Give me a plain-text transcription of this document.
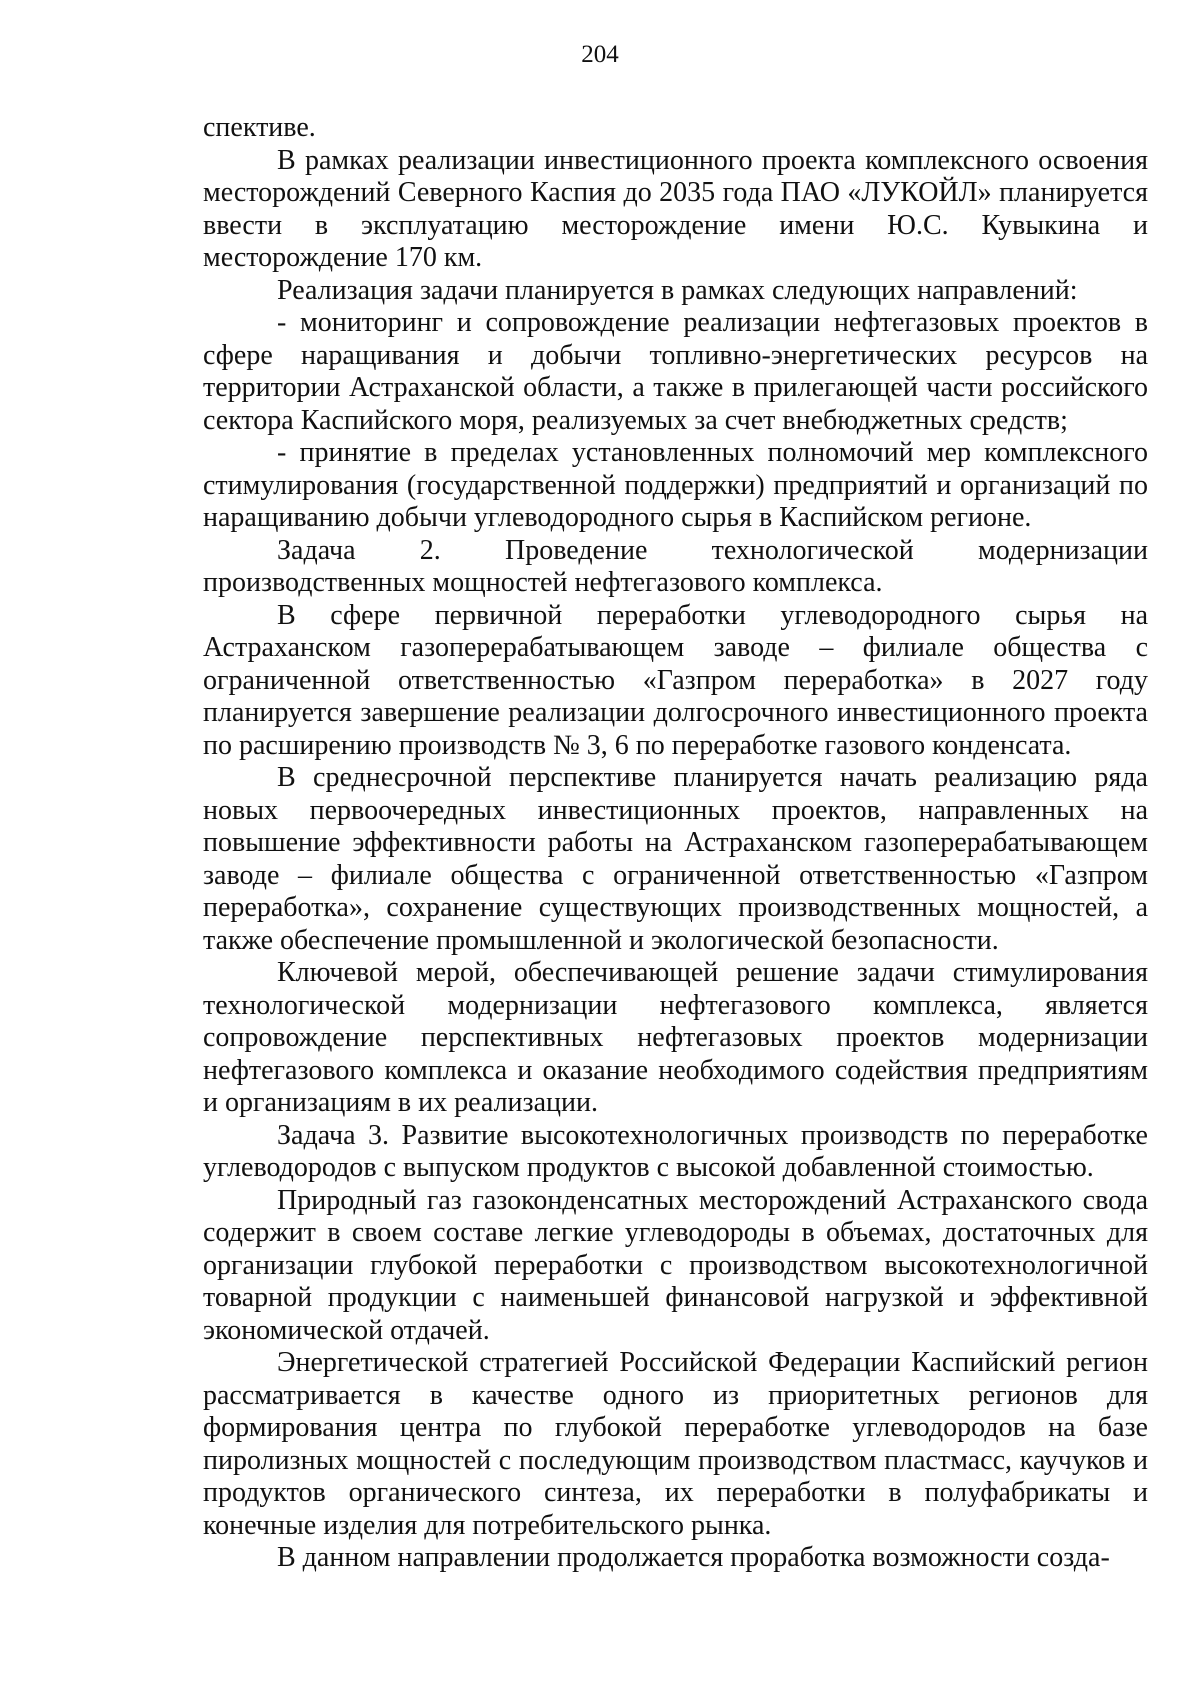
204

спективе.

В рамках реализации инвестиционного проекта комплексного освоения месторождений Северного Каспия до 2035 года ПАО «ЛУКОЙЛ» планируется ввести в эксплуатацию месторождение имени Ю.С. Кувыкина и месторождение 170 км.

Реализация задачи планируется в рамках следующих направлений:

- мониторинг и сопровождение реализации нефтегазовых проектов в сфере наращивания и добычи топливно-энергетических ресурсов на территории Астраханской области, а также в прилегающей части российского сектора Каспийского моря, реализуемых за счет внебюджетных средств;

- принятие в пределах установленных полномочий мер комплексного стимулирования (государственной поддержки) предприятий и организаций по наращиванию добычи углеводородного сырья в Каспийском регионе.

Задача 2. Проведение технологической модернизации производственных мощностей нефтегазового комплекса.

В сфере первичной переработки углеводородного сырья на Астраханском газоперерабатывающем заводе – филиале общества с ограниченной ответственностью «Газпром переработка» в 2027 году планируется завершение реализации долгосрочного инвестиционного проекта по расширению производств № 3, 6 по переработке газового конденсата.

В среднесрочной перспективе планируется начать реализацию ряда новых первоочередных инвестиционных проектов, направленных на повышение эффективности работы на Астраханском газоперерабатывающем заводе – филиале общества с ограниченной ответственностью «Газпром переработка», сохранение существующих производственных мощностей, а также обеспечение промышленной и экологической безопасности.

Ключевой мерой, обеспечивающей решение задачи стимулирования технологической модернизации нефтегазового комплекса, является сопровождение перспективных нефтегазовых проектов модернизации нефтегазового комплекса и оказание необходимого содействия предприятиям и организациям в их реализации.

Задача 3. Развитие высокотехнологичных производств по переработке углеводородов с выпуском продуктов с высокой добавленной стоимостью.

Природный газ газоконденсатных месторождений Астраханского свода содержит в своем составе легкие углеводороды в объемах, достаточных для организации глубокой переработки с производством высокотехнологичной товарной продукции с наименьшей финансовой нагрузкой и эффективной экономической отдачей.

Энергетической стратегией Российской Федерации Каспийский регион рассматривается в качестве одного из приоритетных регионов для формирования центра по глубокой переработке углеводородов на базе пиролизных мощностей с последующим производством пластмасс, каучуков и продуктов органического синтеза, их переработки в полуфабрикаты и конечные изделия для потребительского рынка.

В данном направлении продолжается проработка возможности созда-
